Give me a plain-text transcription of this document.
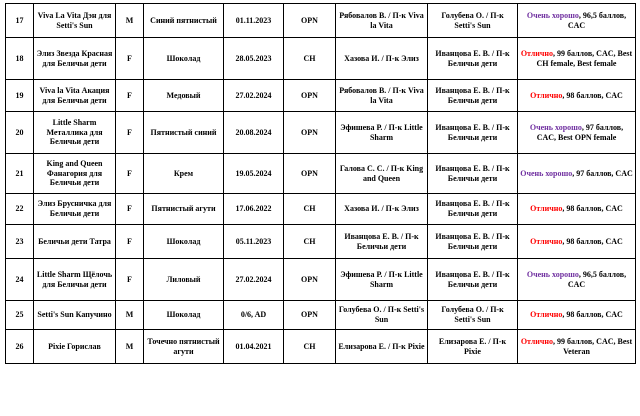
17	Viva La Vita Дэн для Setti's Sun	M	Синий пятнистый	01.11.2023	OPN	Рябовалов В. / П-к Viva la Vita	Голубева О. / П-к Setti's Sun	Очень хорошо, 96,5 баллов, CAC
18	Элиз Звезда Красная для Беличьи дети	F	Шоколад	28.05.2023	CH	Хазова И. / П-к Элиз	Иванцова Е. В. / П-к Беличьи дети	Отлично, 99 баллов, CAC, Best CH female, Best female
19	Viva la Vita Акация для Беличьи дети	F	Медовый	27.02.2024	OPN	Рябовалов В. / П-к Viva la Vita	Иванцова Е. В. / П-к Беличьи дети	Отлично, 98 баллов, CAC
20	Little Sharm Металлика для Беличьи дети	F	Пятнистый синий	20.08.2024	OPN	Эфишева Р. / П-к Little Sharm	Иванцова Е. В. / П-к Беличьи дети	Очень хорошо, 97 баллов, CAC, Best OPN female
21	King and Queen Фанагория для Беличьи дети	F	Крем	19.05.2024	OPN	Галова С. С. / П-к King and Queen	Иванцова Е. В. / П-к Беличьи дети	Очень хорошо, 97 баллов, CAC
22	Элиз Брусничка для Беличьи дети	F	Пятнистый агути	17.06.2022	CH	Хазова И. / П-к Элиз	Иванцова Е. В. / П-к Беличьи дети	Отлично, 98 баллов, CAC
23	Беличьи дети Татра	F	Шоколад	05.11.2023	CH	Иванцова Е. В. / П-к Беличьи дети	Иванцова Е. В. / П-к Беличьи дети	Отлично, 98 баллов, CAC
24	Little Sharm Щёлочь для Беличьи дети	F	Лиловый	27.02.2024	OPN	Эфишева Р. / П-к Little Sharm	Иванцова Е. В. / П-к Беличьи дети	Очень хорошо, 96,5 баллов, CAC
25	Setti's Sun Капучино	M	Шоколад	0/6, AD	OPN	Голубева О. / П-к Setti's Sun	Голубева О. / П-к Setti's Sun	Отлично, 98 баллов, CAC
26	Pixie Горислав	M	Точечно пятнистый агути	01.04.2021	CH	Елизарова Е. / П-к Pixie	Елизарова Е. / П-к Pixie	Отлично, 99 баллов, CAC, Best Veteran
